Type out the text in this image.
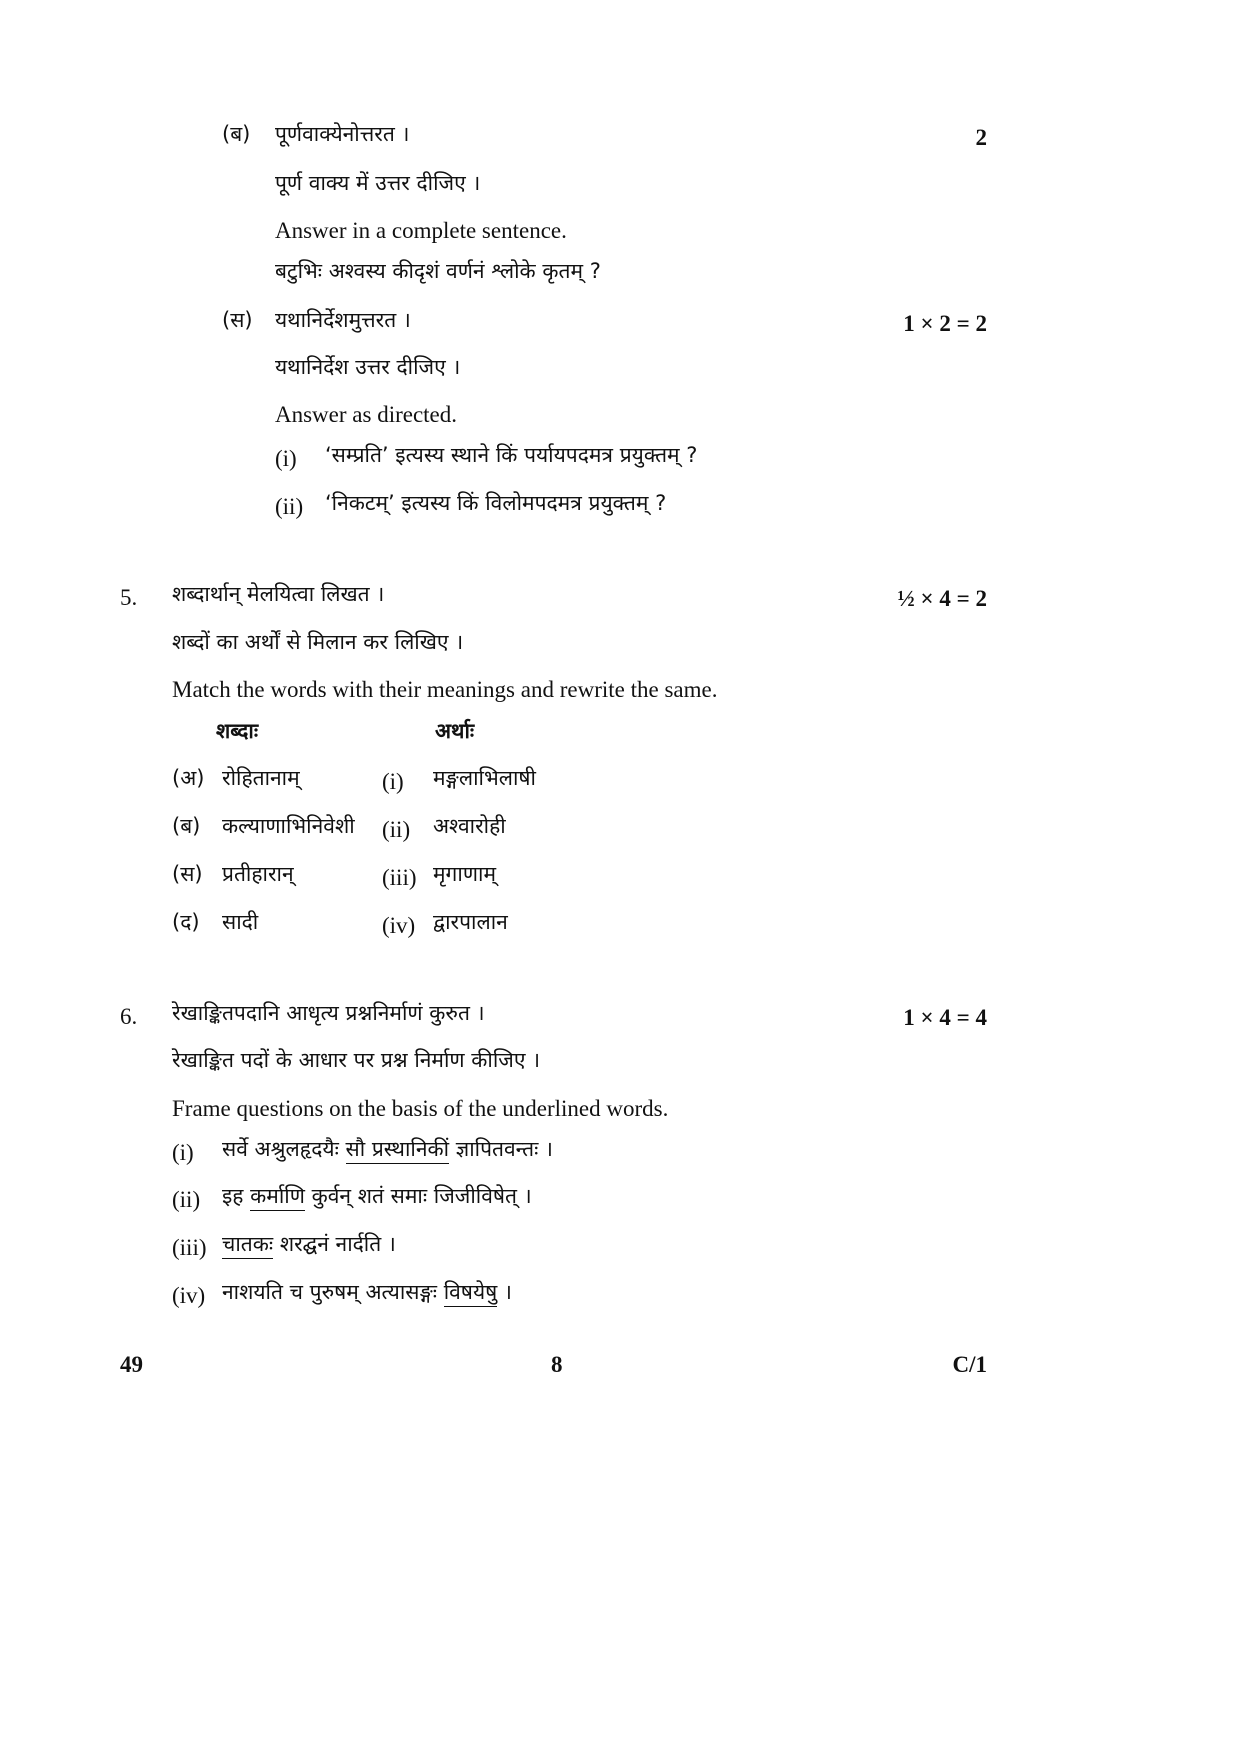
(ब) पूर्णवाक्येनोत्तरत ।	2
पूर्ण वाक्य में उत्तर दीजिए ।
Answer in a complete sentence.
बटुभिः अश्वस्य कीदृशं वर्णनं श्लोके कृतम् ?
(स) यथानिर्देशमुत्तरत ।	1 × 2 = 2
यथानिर्देश उत्तर दीजिए ।
Answer as directed.
(i) ‘सम्प्रति’ इत्यस्य स्थाने किं पर्यायपदमत्र प्रयुक्तम् ?
(ii) ‘निकटम्’ इत्यस्य किं विलोमपदमत्र प्रयुक्तम् ?
5. शब्दार्थान् मेलयित्वा लिखत ।	½ × 4 = 2
शब्दों का अर्थों से मिलान कर लिखिए ।
Match the words with their meanings and rewrite the same.
शब्दाः	अर्थाः
(अ) रोहितानाम्	(i) मङ्गलाभिलाषी
(ब) कल्याणाभिनिवेशी (ii) अश्वारोही
(स) प्रतीहारान्	(iii) मृगाणाम्
(द) सादी	(iv) द्वारपालान
6. रेखाङ्कितपदानि आधृत्य प्रश्ननिर्माणं कुरुत ।	1 × 4 = 4
रेखाङ्कित पदों के आधार पर प्रश्न निर्माण कीजिए ।
Frame questions on the basis of the underlined words.
(i) सर्वे अश्रुलहृदयैः सौ प्रस्थानिकीं ज्ञापितवन्तः ।
(ii) इह कर्माणि कुर्वन् शतं समाः जिजीविषेत् ।
(iii) चातकः शरद्घनं नार्दति ।
(iv) नाशयति च पुरुषम् अत्यासङ्गः विषयेषु ।
49	8	C/1
